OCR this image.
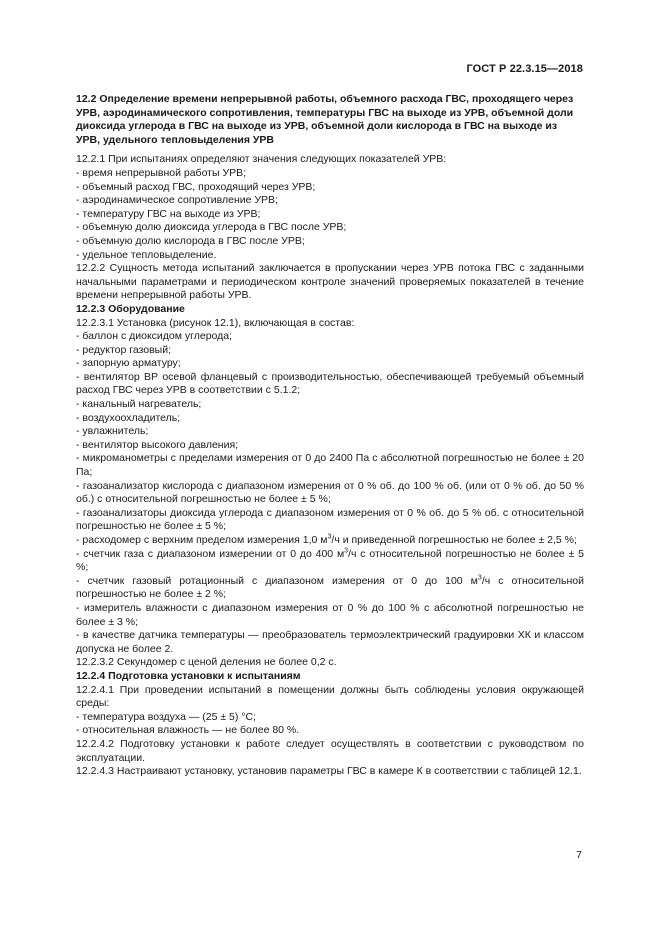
ГОСТ Р 22.3.15—2018
12.2 Определение времени непрерывной работы, объемного расхода ГВС, проходящего через УРВ, аэродинамического сопротивления, температуры ГВС на выходе из УРВ, объемной доли диоксида углерода в ГВС на выходе из УРВ, объемной доли кислорода в ГВС на выходе из УРВ, удельного тепловыделения УРВ

12.2.1 При испытаниях определяют значения следующих показателей УРВ:

- время непрерывной работы УРВ;

- объемный расход ГВС, проходящий через УРВ;

- аэродинамическое сопротивление УРВ;

- температуру ГВС на выходе из УРВ;

- объемную долю диоксида углерода в ГВС после УРВ;

- объемную долю кислорода в ГВС после УРВ;

- удельное тепловыделение.

12.2.2 Сущность метода испытаний заключается в пропускании через УРВ потока ГВС с заданными начальными параметрами и периодическом контроле значений проверяемых показателей в течение времени непрерывной работы УРВ.

12.2.3 Оборудование

12.2.3.1 Установка (рисунок 12.1), включающая в состав:

- баллон с диоксидом углерода;

- редуктор газовый;

- запорную арматуру;

- вентилятор ВР осевой фланцевый с производительностью, обеспечивающей требуемый объемный расход ГВС через УРВ в соответствии с 5.1.2;

- канальный нагреватель;

- воздухоохладитель;

- увлажнитель;

- вентилятор высокого давления;

- микроманометры с пределами измерения от 0 до 2400 Па с абсолютной погрешностью не более ± 20 Па;

- газоанализатор кислорода с диапазоном измерения от 0 % об. до 100 % об. (или от 0 % об. до 50 % об.) с относительной погрешностью не более ± 5 %;

- газоанализаторы диоксида углерода с диапазоном измерения от 0 % об. до 5 % об. с относительной погрешностью не более ± 5 %;

- расходомер с верхним пределом измерения 1,0 $м^3/ч$ и приведенной погрешностью не более ± 2,5 %;

- счетчик газа с диапазоном измерении от 0 до 400 $м^3/ч$ с относительной погрешностью не более ± 5 %;

- счетчик газовый ротационный с диапазоном измерения от 0 до 100 $м^3/ч$ с относительной погрешностью не более ± 2 %;

- измеритель влажности с диапазоном измерения от 0 % до 100 % с абсолютной погрешностью не более ± 3 %;

- в качестве датчика температуры — преобразователь термоэлектрический градуировки ХК и классом допуска не более 2.

12.2.3.2 Секундомер с ценой деления не более 0,2 с.

12.2.4 Подготовка установки к испытаниям

12.2.4.1 При проведении испытаний в помещении должны быть соблюдены условия окружающей среды:

- температура воздуха — (25 ± 5) °С;

- относительная влажность — не более 80 %.

12.2.4.2 Подготовку установки к работе следует осуществлять в соответствии с руководством по эксплуатации.

12.2.4.3 Настраивают установку, установив параметры ГВС в камере К в соответствии с таблицей 12.1.

7
